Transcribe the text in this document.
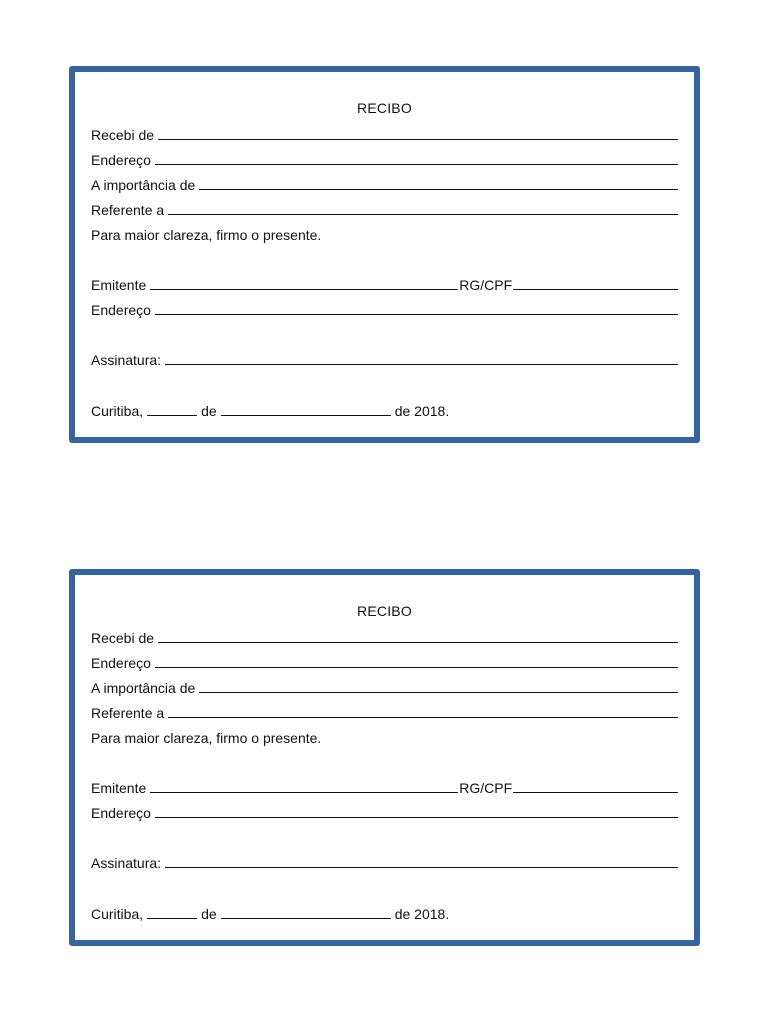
RECIBO
Recebi de
Endereço
A importância de
Referente a
Para maior clareza, firmo o presente.
Emitente	RG/CPF
Endereço
Assinatura:
Curitiba,	de	de 2018.
RECIBO
Recebi de
Endereço
A importância de
Referente a
Para maior clareza, firmo o presente.
Emitente	RG/CPF
Endereço
Assinatura:
Curitiba,	de	de 2018.
